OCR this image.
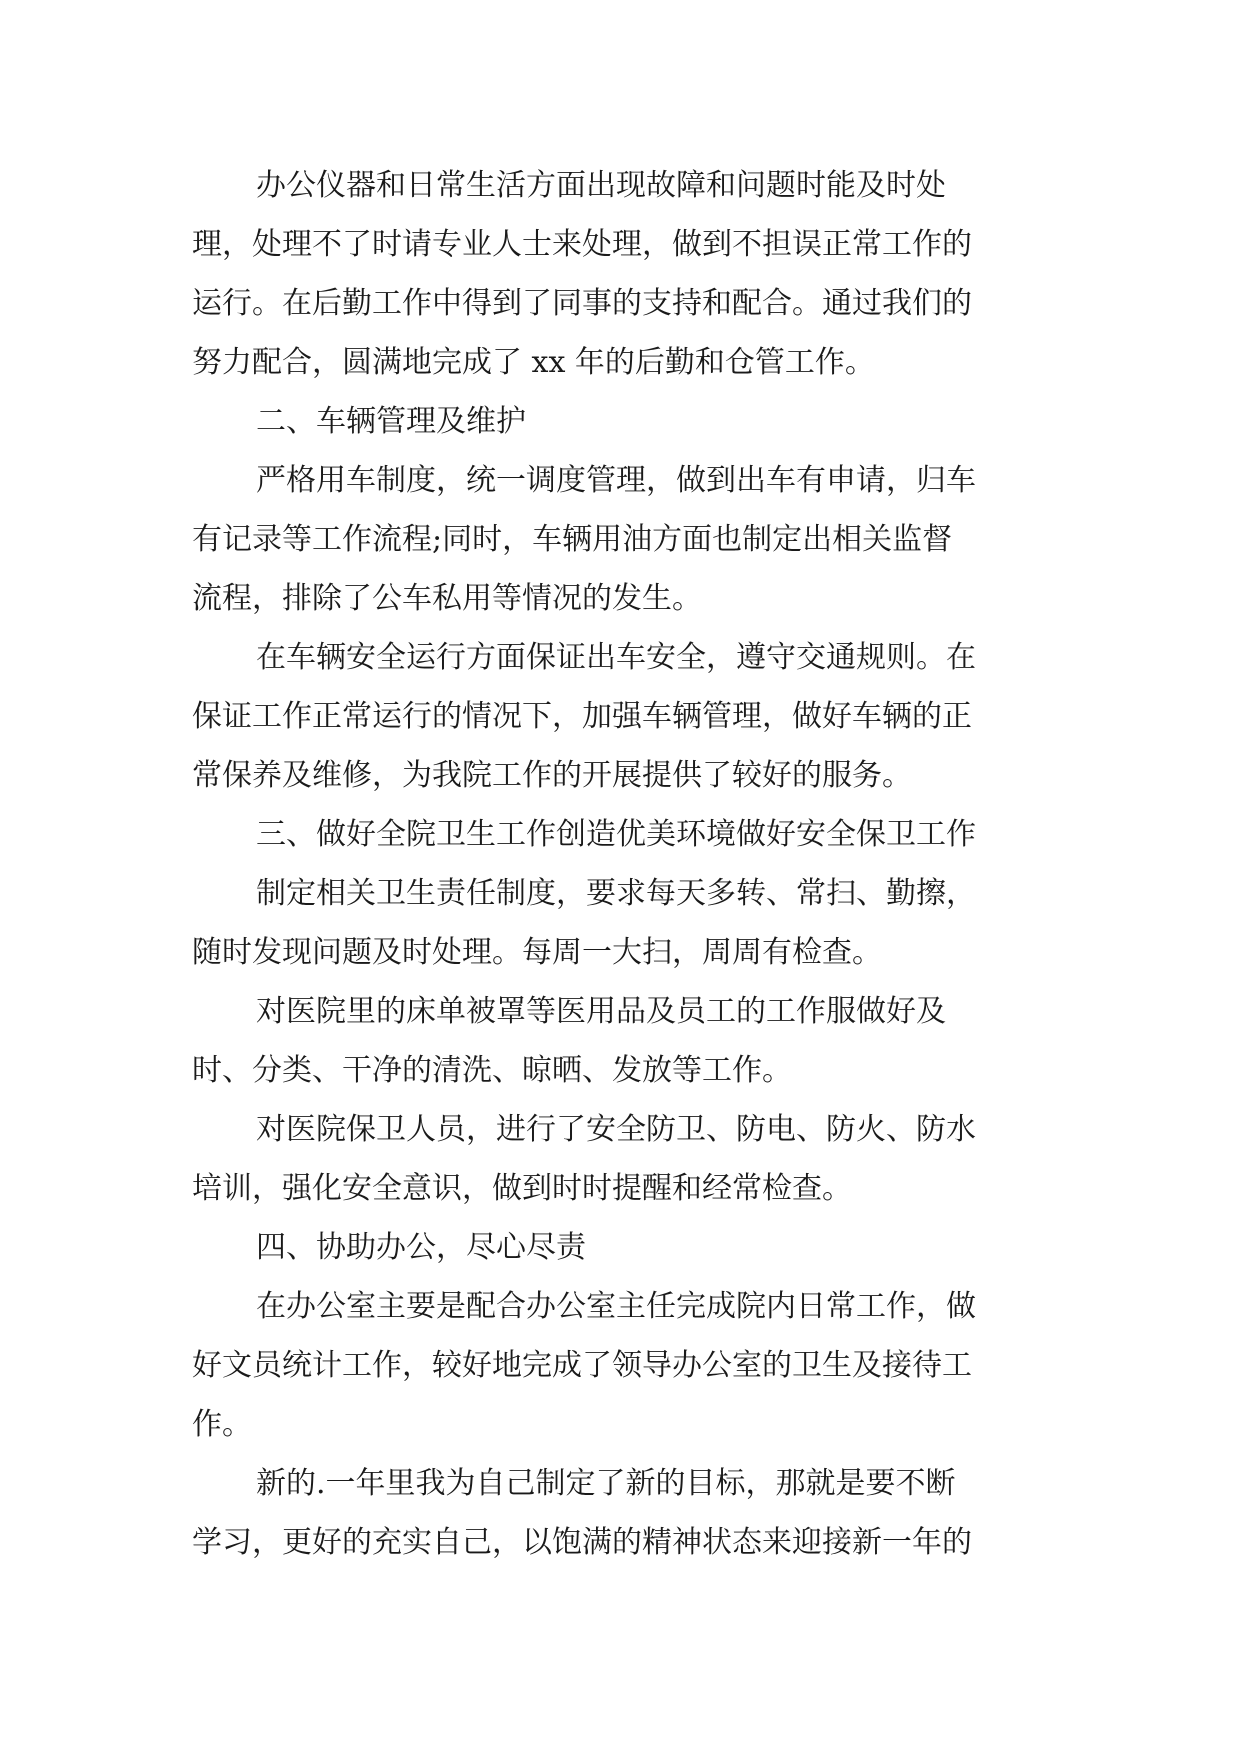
办公仪器和日常生活方面出现故障和问题时能及时处
理，处理不了时请专业人士来处理，做到不担误正常工作的
运行。在后勤工作中得到了同事的支持和配合。通过我们的
努力配合，圆满地完成了 xx 年的后勤和仓管工作。
二、车辆管理及维护
严格用车制度，统一调度管理，做到出车有申请，归车
有记录等工作流程;同时，车辆用油方面也制定出相关监督
流程，排除了公车私用等情况的发生。
在车辆安全运行方面保证出车安全，遵守交通规则。在
保证工作正常运行的情况下，加强车辆管理，做好车辆的正
常保养及维修，为我院工作的开展提供了较好的服务。
三、做好全院卫生工作创造优美环境做好安全保卫工作
制定相关卫生责任制度，要求每天多转、常扫、勤擦，
随时发现问题及时处理。每周一大扫，周周有检查。
对医院里的床单被罩等医用品及员工的工作服做好及
时、分类、干净的清洗、晾晒、发放等工作。
对医院保卫人员，进行了安全防卫、防电、防火、防水
培训，强化安全意识，做到时时提醒和经常检查。
四、协助办公，尽心尽责
在办公室主要是配合办公室主任完成院内日常工作，做
好文员统计工作，较好地完成了领导办公室的卫生及接待工
作。
新的.一年里我为自己制定了新的目标，那就是要不断
学习，更好的充实自己，以饱满的精神状态来迎接新一年的
